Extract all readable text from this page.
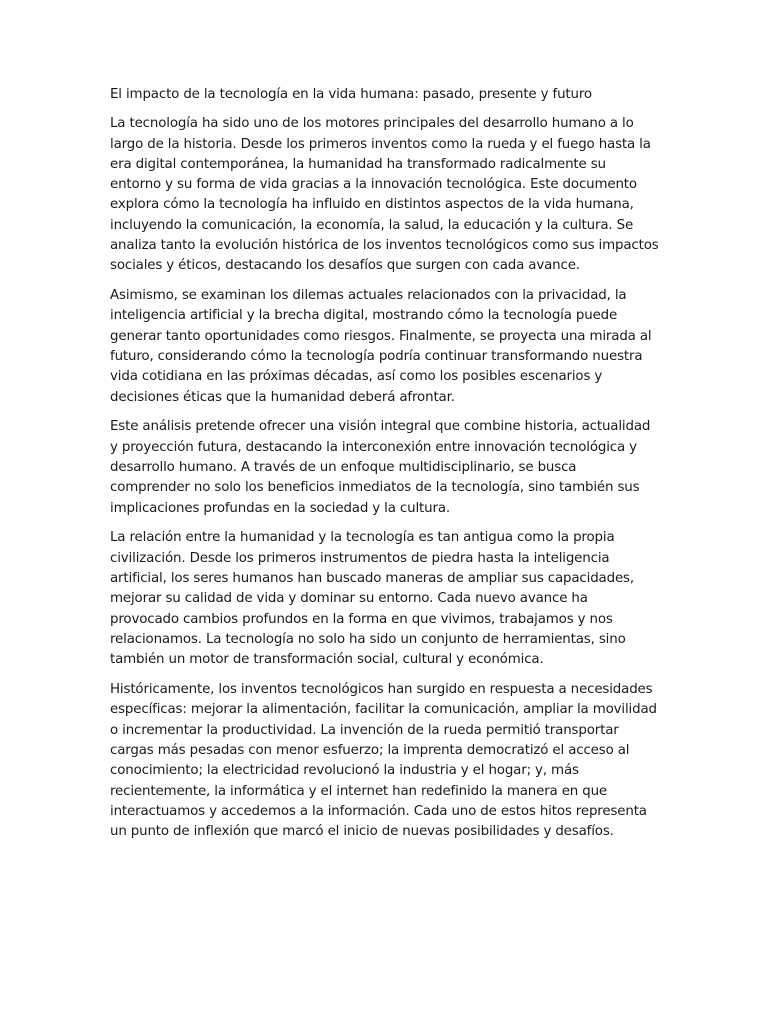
El impacto de la tecnología en la vida humana: pasado, presente y futuro

La tecnología ha sido uno de los motores principales del desarrollo humano a lo largo de la historia. Desde los primeros inventos como la rueda y el fuego hasta la era digital contemporánea, la humanidad ha transformado radicalmente su entorno y su forma de vida gracias a la innovación tecnológica. Este documento explora cómo la tecnología ha influido en distintos aspectos de la vida humana, incluyendo la comunicación, la economía, la salud, la educación y la cultura. Se analiza tanto la evolución histórica de los inventos tecnológicos como sus impactos sociales y éticos, destacando los desafíos que surgen con cada avance.

Asimismo, se examinan los dilemas actuales relacionados con la privacidad, la inteligencia artificial y la brecha digital, mostrando cómo la tecnología puede generar tanto oportunidades como riesgos. Finalmente, se proyecta una mirada al futuro, considerando cómo la tecnología podría continuar transformando nuestra vida cotidiana en las próximas décadas, así como los posibles escenarios y decisiones éticas que la humanidad deberá afrontar.

Este análisis pretende ofrecer una visión integral que combine historia, actualidad y proyección futura, destacando la interconexión entre innovación tecnológica y desarrollo humano. A través de un enfoque multidisciplinario, se busca comprender no solo los beneficios inmediatos de la tecnología, sino también sus implicaciones profundas en la sociedad y la cultura.

La relación entre la humanidad y la tecnología es tan antigua como la propia civilización. Desde los primeros instrumentos de piedra hasta la inteligencia artificial, los seres humanos han buscado maneras de ampliar sus capacidades, mejorar su calidad de vida y dominar su entorno. Cada nuevo avance ha provocado cambios profundos en la forma en que vivimos, trabajamos y nos relacionamos. La tecnología no solo ha sido un conjunto de herramientas, sino también un motor de transformación social, cultural y económica.

Históricamente, los inventos tecnológicos han surgido en respuesta a necesidades específicas: mejorar la alimentación, facilitar la comunicación, ampliar la movilidad o incrementar la productividad. La invención de la rueda permitió transportar cargas más pesadas con menor esfuerzo; la imprenta democratizó el acceso al conocimiento; la electricidad revolucionó la industria y el hogar; y, más recientemente, la informática y el internet han redefinido la manera en que interactuamos y accedemos a la información. Cada uno de estos hitos representa un punto de inflexión que marcó el inicio de nuevas posibilidades y desafíos.
